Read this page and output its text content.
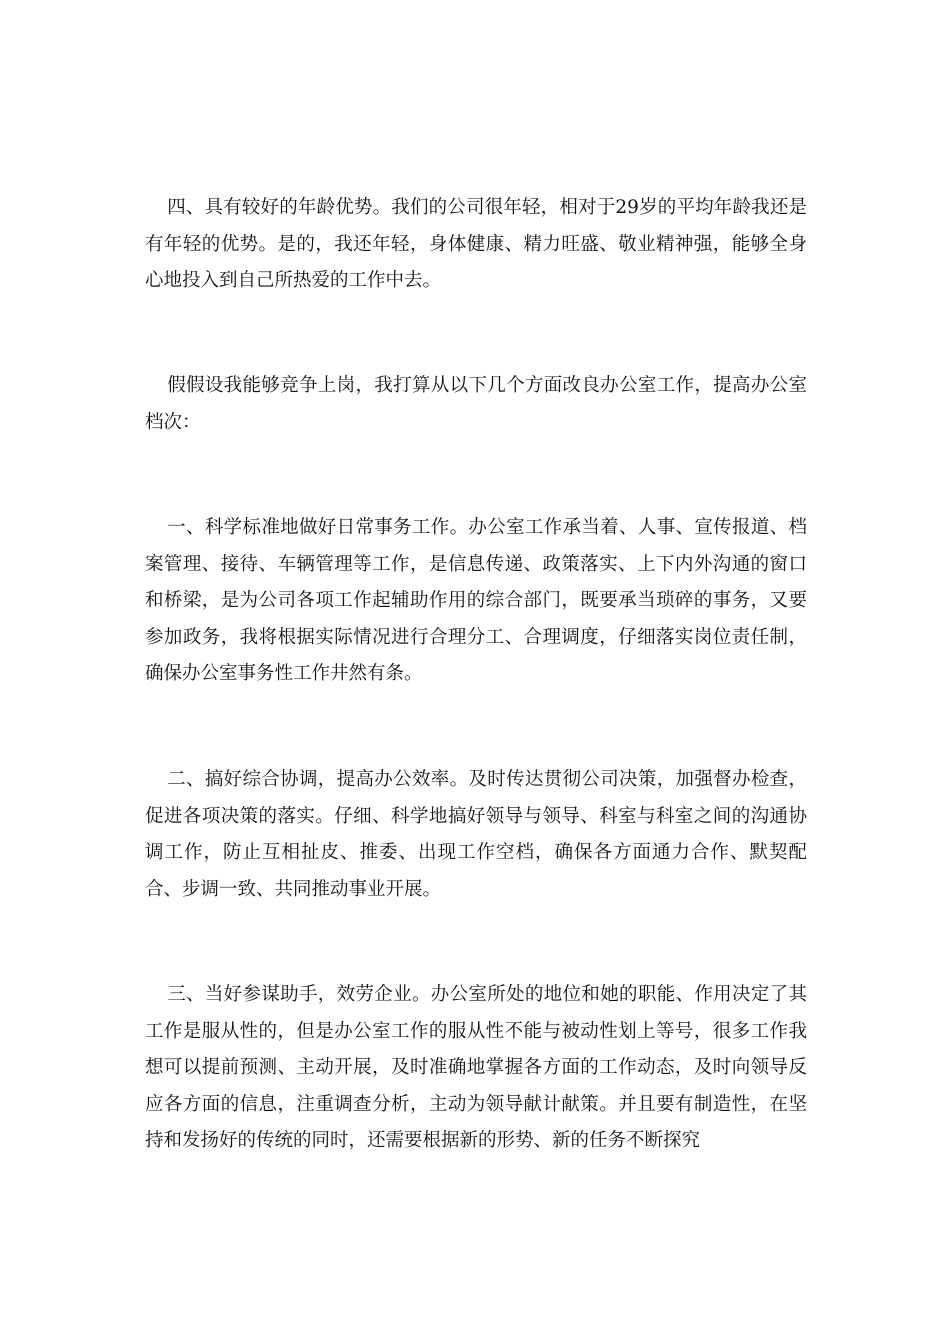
四、具有较好的年龄优势。我们的公司很年轻，相对于29岁的平均年龄我还是有年轻的优势。是的，我还年轻，身体健康、精力旺盛、敬业精神强，能够全身心地投入到自己所热爱的工作中去。

假假设我能够竞争上岗，我打算从以下几个方面改良办公室工作，提高办公室档次：

一、科学标准地做好日常事务工作。办公室工作承当着、人事、宣传报道、档案管理、接待、车辆管理等工作，是信息传递、政策落实、上下内外沟通的窗口和桥梁，是为公司各项工作起辅助作用的综合部门，既要承当琐碎的事务，又要参加政务，我将根据实际情况进行合理分工、合理调度，仔细落实岗位责任制，确保办公室事务性工作井然有条。

二、搞好综合协调，提高办公效率。及时传达贯彻公司决策，加强督办检查，促进各项决策的落实。仔细、科学地搞好领导与领导、科室与科室之间的沟通协调工作，防止互相扯皮、推委、出现工作空档，确保各方面通力合作、默契配合、步调一致、共同推动事业开展。

三、当好参谋助手，效劳企业。办公室所处的地位和她的职能、作用决定了其工作是服从性的，但是办公室工作的服从性不能与被动性划上等号，很多工作我想可以提前预测、主动开展，及时准确地掌握各方面的工作动态，及时向领导反应各方面的信息，注重调查分析，主动为领导献计献策。并且要有制造性，在坚持和发扬好的传统的同时，还需要根据新的形势、新的任务不断探究
